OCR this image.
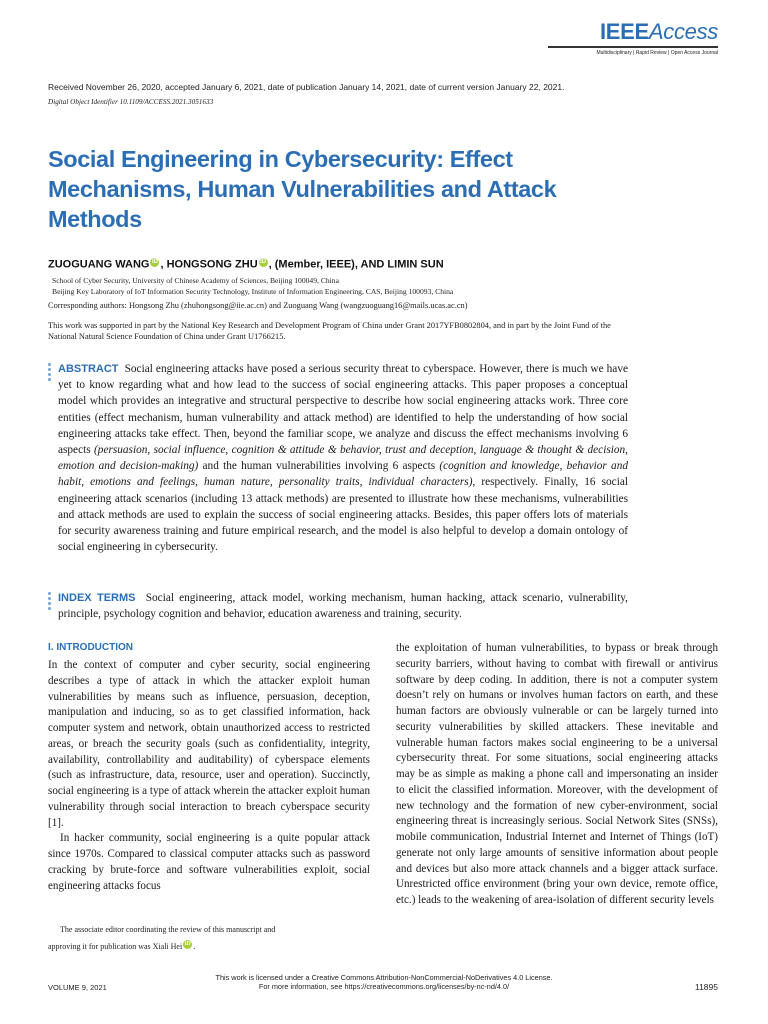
IEEEAccess
Multidisciplinary | Rapid Review | Open Access Journal
Received November 26, 2020, accepted January 6, 2021, date of publication January 14, 2021, date of current version January 22, 2021.
Digital Object Identifier 10.1109/ACCESS.2021.3051633
Social Engineering in Cybersecurity: Effect Mechanisms, Human Vulnerabilities and Attack Methods
ZUOGUANG WANG iD , HONGSONG ZHU iD , (Member, IEEE), AND LIMIN SUN
School of Cyber Security, University of Chinese Academy of Sciences, Beijing 100049, China
Beijing Key Laboratory of IoT Information Security Technology, Institute of Information Engineering, CAS, Beijing 100093, China
Corresponding authors: Hongsong Zhu (zhuhongsong@iie.ac.cn) and Zuoguang Wang (wangzuoguang16@mails.ucas.ac.cn)
This work was supported in part by the National Key Research and Development Program of China under Grant 2017YFB0802804, and in part by the Joint Fund of the National Natural Science Foundation of China under Grant U1766215.
ABSTRACT Social engineering attacks have posed a serious security threat to cyberspace. However, there is much we have yet to know regarding what and how lead to the success of social engineering attacks. This paper proposes a conceptual model which provides an integrative and structural perspective to describe how social engineering attacks work. Three core entities (effect mechanism, human vulnerability and attack method) are identified to help the understanding of how social engineering attacks take effect. Then, beyond the familiar scope, we analyze and discuss the effect mechanisms involving 6 aspects (persuasion, social influence, cognition & attitude & behavior, trust and deception, language & thought & decision, emotion and decision-making) and the human vulnerabilities involving 6 aspects (cognition and knowledge, behavior and habit, emotions and feelings, human nature, personality traits, individual characters), respectively. Finally, 16 social engineering attack scenarios (including 13 attack methods) are presented to illustrate how these mechanisms, vulnerabilities and attack methods are used to explain the success of social engineering attacks. Besides, this paper offers lots of materials for security awareness training and future empirical research, and the model is also helpful to develop a domain ontology of social engineering in cybersecurity.
INDEX TERMS Social engineering, attack model, working mechanism, human hacking, attack scenario, vulnerability, principle, psychology cognition and behavior, education awareness and training, security.
I. INTRODUCTION

In the context of computer and cyber security, social engineering describes a type of attack in which the attacker exploit human vulnerabilities by means such as influence, persuasion, deception, manipulation and inducing, so as to get classified information, hack computer system and network, obtain unauthorized access to restricted areas, or breach the security goals (such as confidentiality, integrity, availability, controllability and auditability) of cyberspace elements (such as infrastructure, data, resource, user and operation). Succinctly, social engineering is a type of attack wherein the attacker exploit human vulnerability through social interaction to breach cyberspace security [1].

In hacker community, social engineering is a quite popular attack since 1970s. Compared to classical computer attacks such as password cracking by brute-force and software vulnerabilities exploit, social engineering attacks focus

the exploitation of human vulnerabilities, to bypass or break through security barriers, without having to combat with firewall or antivirus software by deep coding. In addition, there is not a computer system doesn’t rely on humans or involves human factors on earth, and these human factors are obviously vulnerable or can be largely turned into security vulnerabilities by skilled attackers. These inevitable and vulnerable human factors makes social engineering to be a universal cybersecurity threat. For some situations, social engineering attacks may be as simple as making a phone call and impersonating an insider to elicit the classified information. Moreover, with the development of new technology and the formation of new cyber-environment, social engineering threat is increasingly serious. Social Network Sites (SNSs), mobile communication, Industrial Internet and Internet of Things (IoT) generate not only large amounts of sensitive information about people and devices but also more attack channels and a bigger attack surface. Unrestricted office environment (bring your own device, remote office, etc.) leads to the weakening of area-isolation of different security levels

The associate editor coordinating the review of this manuscript and
approving it for publication was Xiali Hei iD .
This work is licensed under a Creative Commons Attribution-NonCommercial-NoDerivatives 4.0 License.
For more information, see https://creativecommons.org/licenses/by-nc-nd/4.0/
VOLUME 9, 2021	11895
